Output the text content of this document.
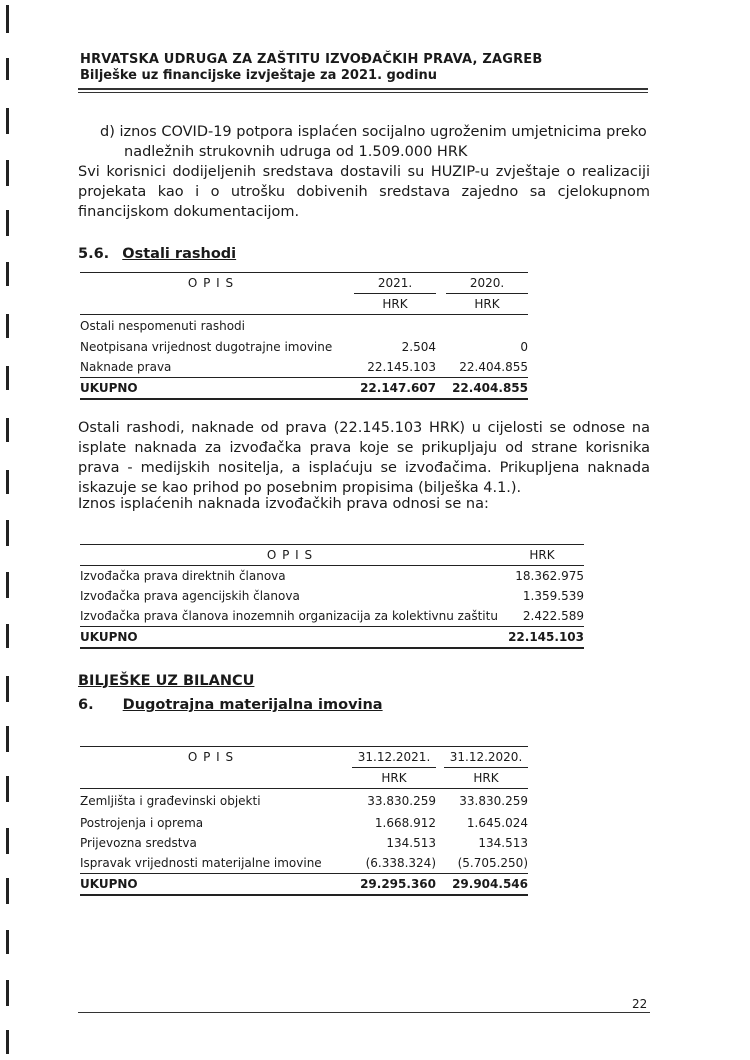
HRVATSKA UDRUGA ZA ZAŠTITU IZVOĐAČKIH PRAVA, ZAGREB
Bilješke uz financijske izvještaje za 2021. godinu
d) iznos COVID-19 potpora isplaćen socijalno ugroženim umjetnicima preko
nadležnih strukovnih udruga od 1.509.000 HRK
Svi korisnici dodijeljenih sredstava dostavili su HUZIP-u zvještaje o realizaciji projekata kao i o utrošku dobivenih sredstava zajedno sa cjelokupnom financijskom dokumentacijom.
5.6. Ostali rashodi
O P I S		2021.		2020.
		HRK		HRK
Ostali nespomenuti rashodi				
Neotpisana vrijednost dugotrajne imovine		2.504		0
Naknade prava		22.145.103		22.404.855
UKUPNO		22.147.607		22.404.855
Ostali rashodi, naknade od prava (22.145.103 HRK) u cijelosti se odnose na isplate naknada za izvođačka prava koje se prikupljaju od strane korisnika prava - medijskih nositelja, a isplaćuju se izvođačima. Prikupljena naknada iskazuje se kao prihod po posebnim propisima (bilješka 4.1.).
Iznos isplaćenih naknada izvođačkih prava odnosi se na:
O P I S	HRK
Izvođačka prava direktnih članova	18.362.975
Izvođačka prava agencijskih članova	1.359.539
Izvođačka prava članova inozemnih organizacija za kolektivnu zaštitu	2.422.589
UKUPNO	22.145.103
BILJEŠKE UZ BILANCU
6. Dugotrajna materijalna imovina
O P I S		31.12.2021.		31.12.2020.
		HRK		HRK
Zemljišta i građevinski objekti		33.830.259		33.830.259
Postrojenja i oprema		1.668.912		1.645.024
Prijevozna sredstva		134.513		134.513
Ispravak vrijednosti materijalne imovine		(6.338.324)		(5.705.250)
UKUPNO		29.295.360		29.904.546
22
